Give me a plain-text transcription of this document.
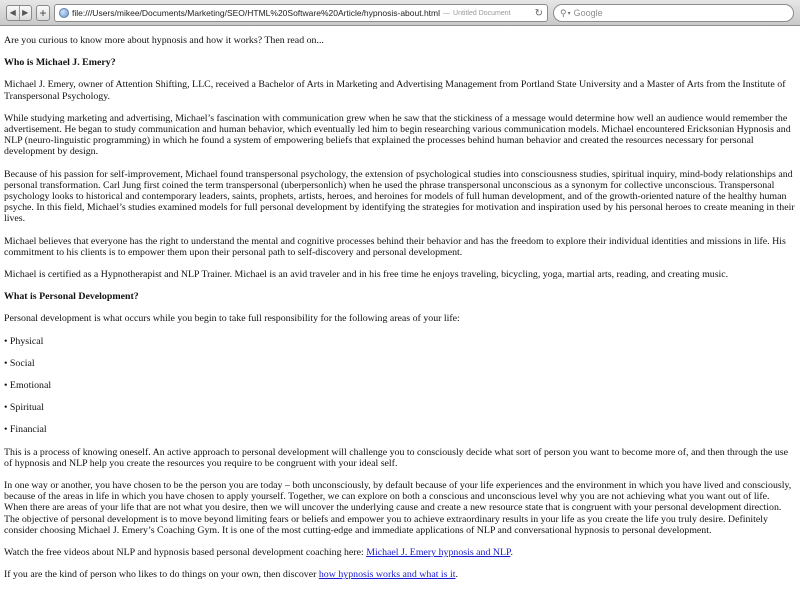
◀ ▶ +	file:///Users/mikee/Documents/Marketing/SEO/HTML%20Software%20Article/hypnosis-about.html — Untitled Document	↻ ⚲ ▾
Google

Are you curious to know more about hypnosis and how it works? Then read on...

Who is Michael J. Emery?

Michael J. Emery, owner of Attention Shifting, LLC, received a Bachelor of Arts in Marketing and Advertising Management from Portland State University and a Master of Arts from the Institute of Transpersonal Psychology.

While studying marketing and advertising, Michael’s fascination with communication grew when he saw that the stickiness of a message would determine how well an audience would remember the advertisement. He began to study communication and human behavior, which eventually led him to begin researching various communication models. Michael encountered Ericksonian Hypnosis and NLP (neuro-linguistic programming) in which he found a system of empowering beliefs that explained the processes behind human behavior and created the resources necessary for personal development by design.

Because of his passion for self-improvement, Michael found transpersonal psychology, the extension of psychological studies into consciousness studies, spiritual inquiry, mind-body relationships and personal transformation. Carl Jung first coined the term transpersonal (uberpersonlich) when he used the phrase transpersonal unconscious as a synonym for collective unconscious. Transpersonal psychology looks to historical and contemporary leaders, saints, prophets, artists, heroes, and heroines for models of full human development, and of the growth-oriented nature of the healthy human psyche. In this field, Michael’s studies examined models for full personal development by identifying the strategies for motivation and inspiration used by his personal heroes to create meaning in their lives.

Michael believes that everyone has the right to understand the mental and cognitive processes behind their behavior and has the freedom to explore their individual identities and missions in life. His commitment to his clients is to empower them upon their personal path to self-discovery and personal development.

Michael is certified as a Hypnotherapist and NLP Trainer. Michael is an avid traveler and in his free time he enjoys traveling, bicycling, yoga, martial arts, reading, and creating music.

What is Personal Development?

Personal development is what occurs while you begin to take full responsibility for the following areas of your life:

• Physical

• Social

• Emotional

• Spiritual

• Financial

This is a process of knowing oneself. An active approach to personal development will challenge you to consciously decide what sort of person you want to become more of, and then through the use of hypnosis and NLP help you create the resources you require to be congruent with your ideal self.

In one way or another, you have chosen to be the person you are today – both unconsciously, by default because of your life experiences and the environment in which you have lived and consciously, because of the areas in life in which you have chosen to apply yourself. Together, we can explore on both a conscious and unconscious level why you are not achieving what you want out of life. When there are areas of your life that are not what you desire, then we will uncover the underlying cause and create a new resource state that is congruent with your personal development direction. The objective of personal development is to move beyond limiting fears or beliefs and empower you to achieve extraordinary results in your life as you create the life you truly desire. Definitely consider choosing Michael J. Emery’s Coaching Gym. It is one of the most cutting-edge and immediate applications of NLP and conversational hypnosis to personal development.

Watch the free videos about NLP and hypnosis based personal development coaching here: Michael J. Emery hypnosis and NLP.

If you are the kind of person who likes to do things on your own, then discover how hypnosis works and what is it.
